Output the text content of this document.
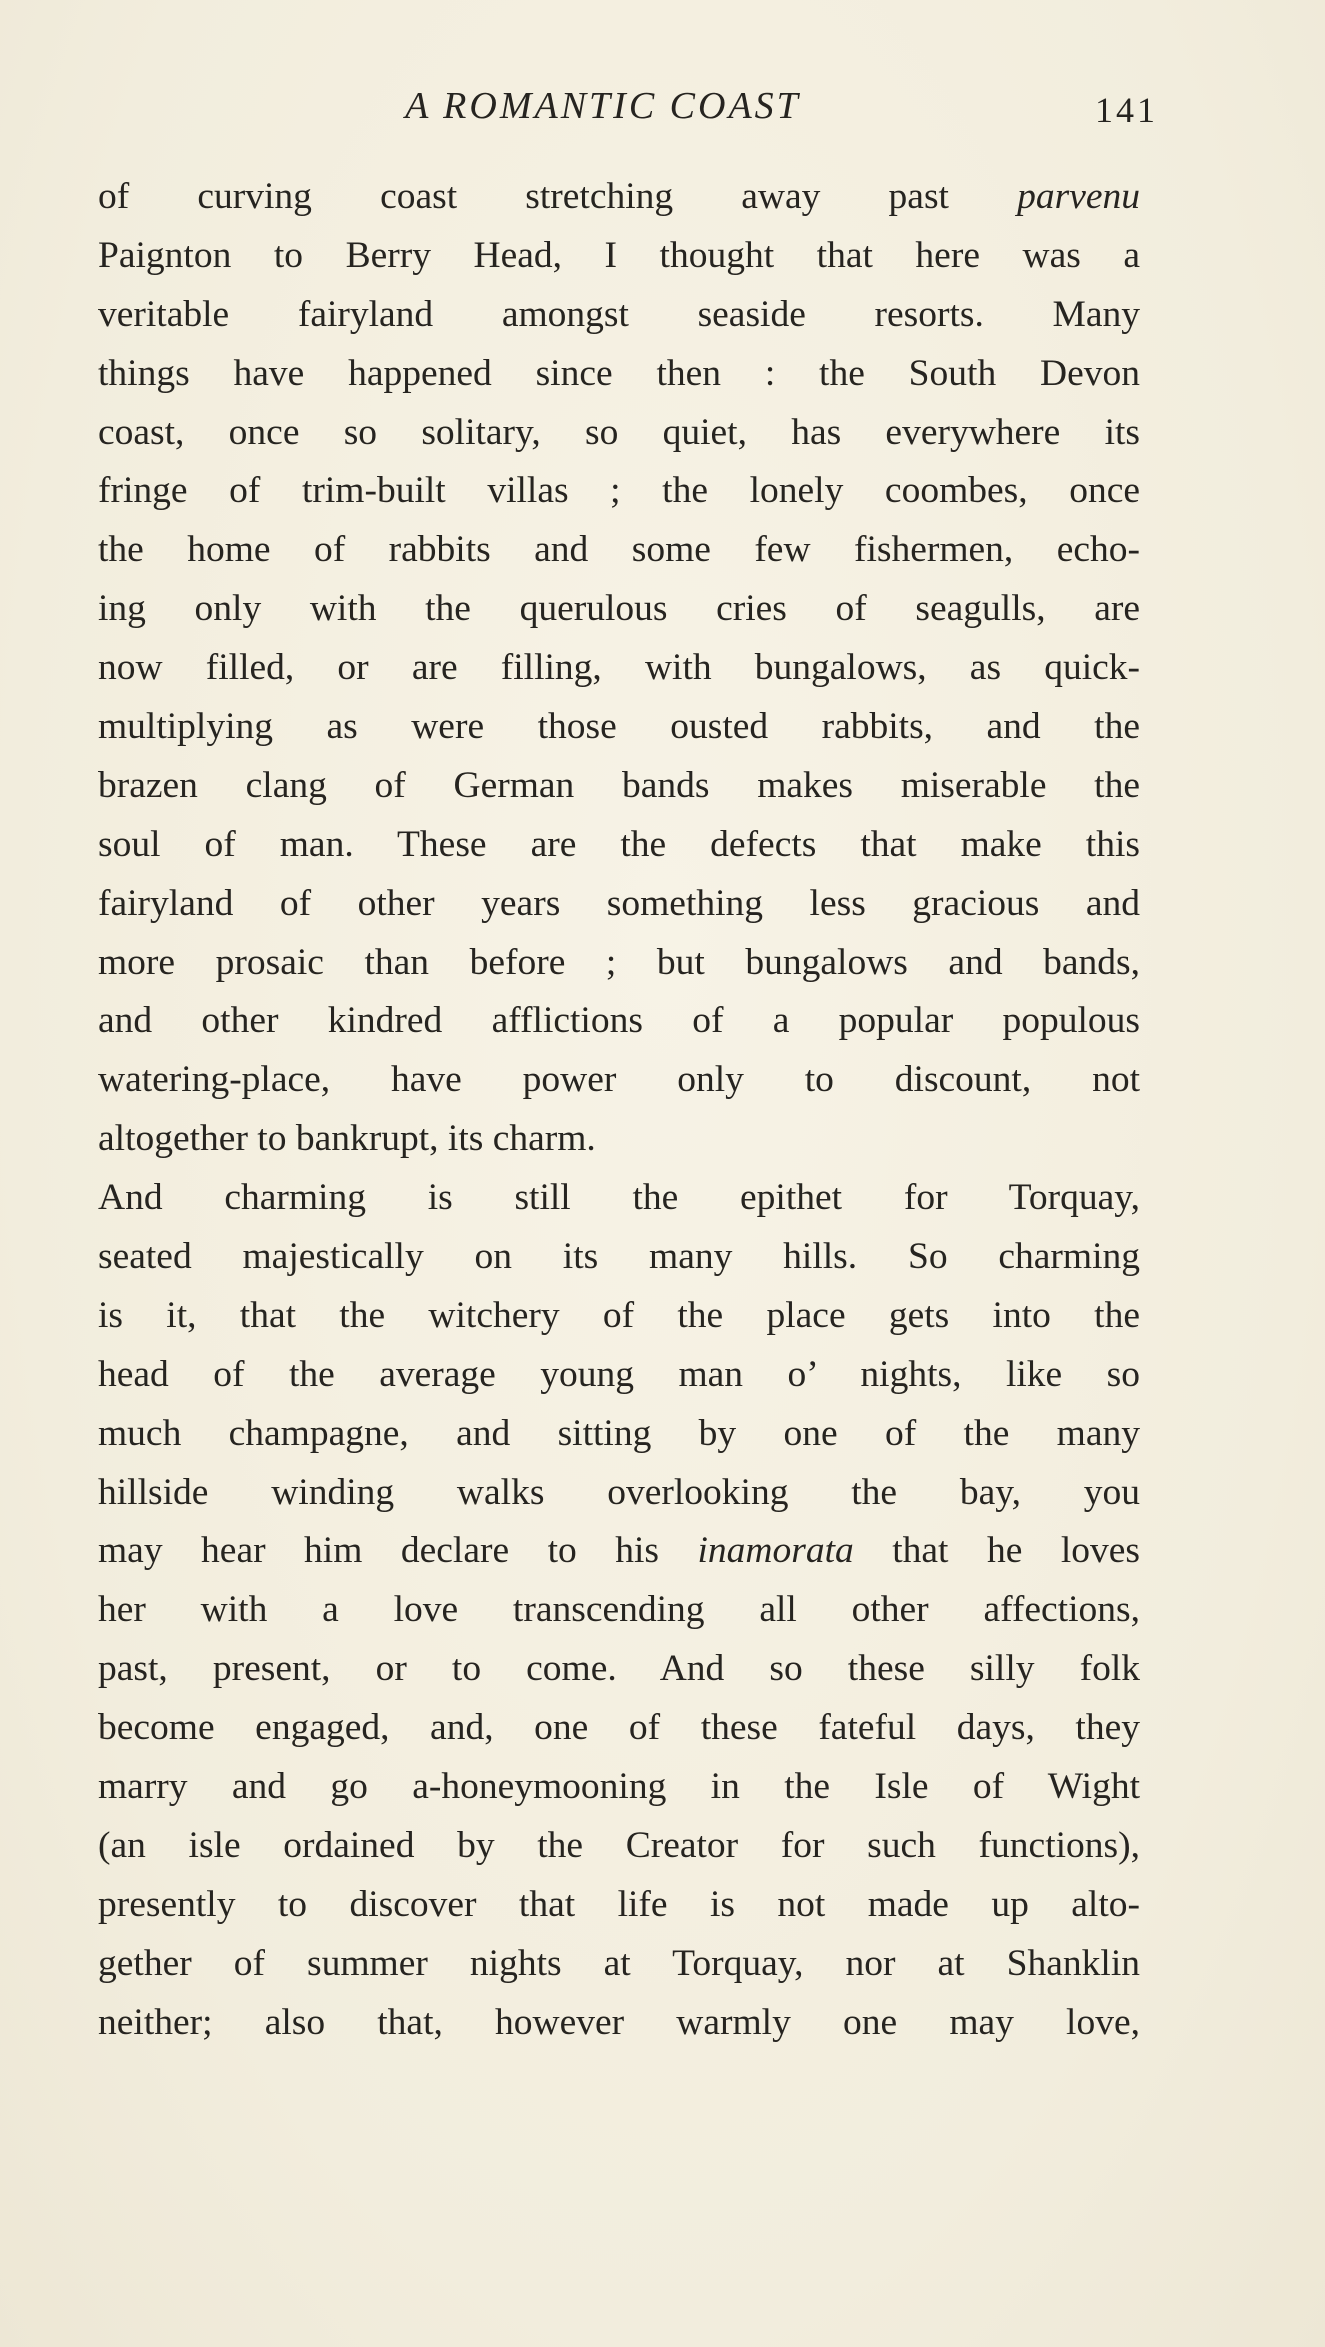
A ROMANTIC COAST	141
of curving coast stretching away past parvenu
Paignton to Berry Head, I thought that here was a
veritable fairyland amongst seaside resorts. Many
things have happened since then : the South Devon
coast, once so solitary, so quiet, has everywhere its
fringe of trim-built villas ; the lonely coombes, once
the home of rabbits and some few fishermen, echo-
ing only with the querulous cries of seagulls, are
now filled, or are filling, with bungalows, as quick-
multiplying as were those ousted rabbits, and the
brazen clang of German bands makes miserable the
soul of man. These are the defects that make this
fairyland of other years something less gracious and
more prosaic than before ; but bungalows and bands,
and other kindred afflictions of a popular populous
watering-place, have power only to discount, not
altogether to bankrupt, its charm.
And charming is still the epithet for Torquay,
seated majestically on its many hills. So charming
is it, that the witchery of the place gets into the
head of the average young man o’ nights, like so
much champagne, and sitting by one of the many
hillside winding walks overlooking the bay, you
may hear him declare to his inamorata that he loves
her with a love transcending all other affections,
past, present, or to come. And so these silly folk
become engaged, and, one of these fateful days, they
marry and go a-honeymooning in the Isle of Wight
(an isle ordained by the Creator for such functions),
presently to discover that life is not made up alto-
gether of summer nights at Torquay, nor at Shanklin
neither; also that, however warmly one may love,
